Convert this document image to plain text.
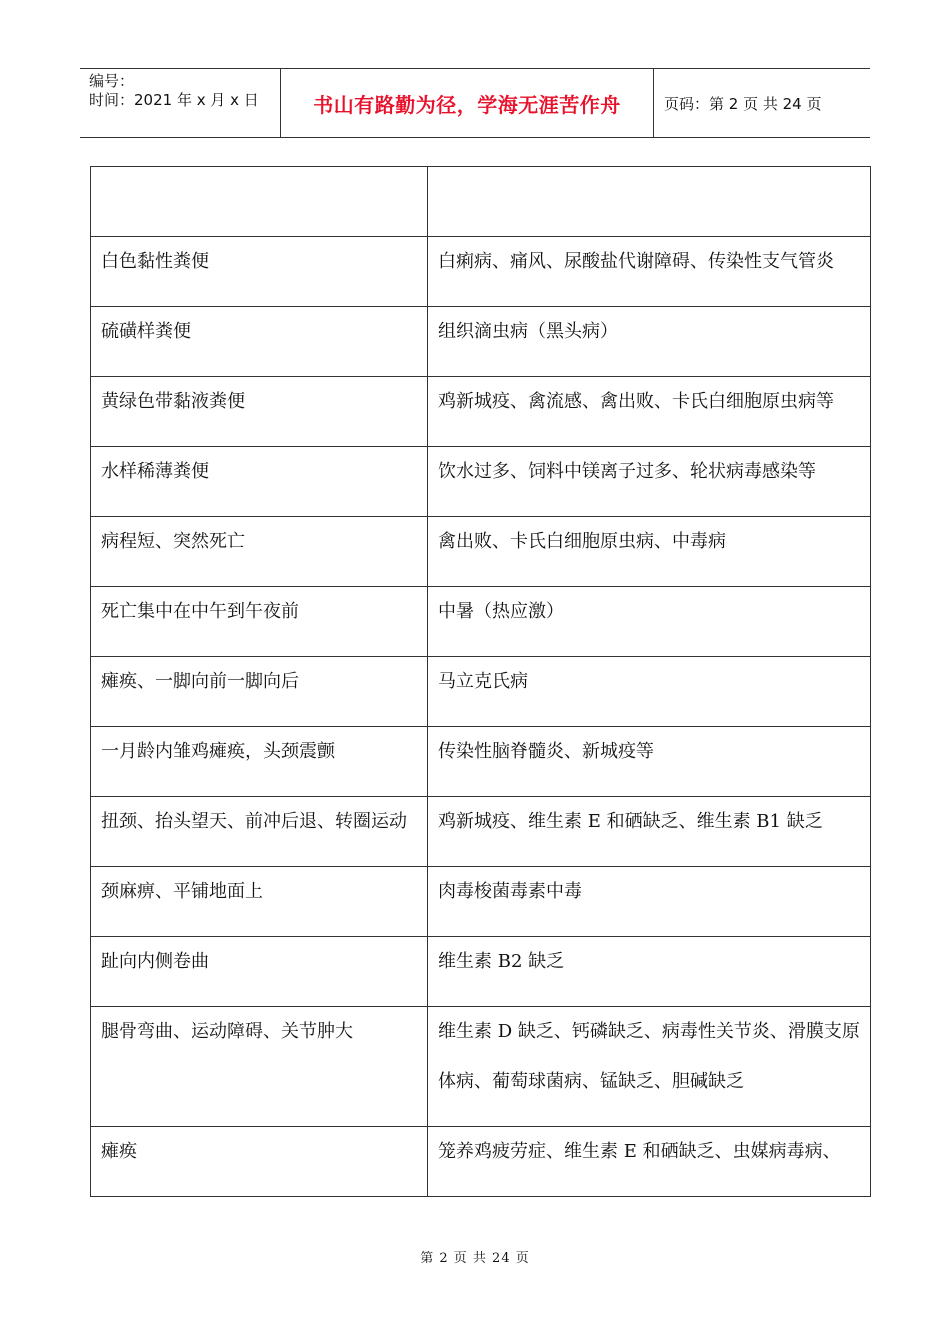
编号：
时间：2021 年 x 月 x 日	书山有路勤为径，学海无涯苦作舟	页码：第 2 页 共 24 页

白色黏性粪便	白痢病、痛风、尿酸盐代谢障碍、传染性支气管炎

硫磺样粪便	组织滴虫病（黑头病）

黄绿色带黏液粪便	鸡新城疫、禽流感、禽出败、卡氏白细胞原虫病等

水样稀薄粪便	饮水过多、饲料中镁离子过多、轮状病毒感染等

病程短、突然死亡	禽出败、卡氏白细胞原虫病、中毒病

死亡集中在中午到午夜前	中暑（热应激）

瘫痪、一脚向前一脚向后	马立克氏病

一月龄内雏鸡瘫痪，头颈震颤	传染性脑脊髓炎、新城疫等

扭颈、抬头望天、前冲后退、转圈运动	鸡新城疫、维生素 E 和硒缺乏、维生素 B1 缺乏

颈麻痹、平铺地面上	肉毒梭菌毒素中毒

趾向内侧卷曲	维生素 B2 缺乏

腿骨弯曲、运动障碍、关节肿大	维生素 D 缺乏、钙磷缺乏、病毒性关节炎、滑膜支原体病、葡萄球菌病、锰缺乏、胆碱缺乏

瘫痪	笼养鸡疲劳症、维生素 E 和硒缺乏、虫媒病毒病、
第 2 页 共 24 页
